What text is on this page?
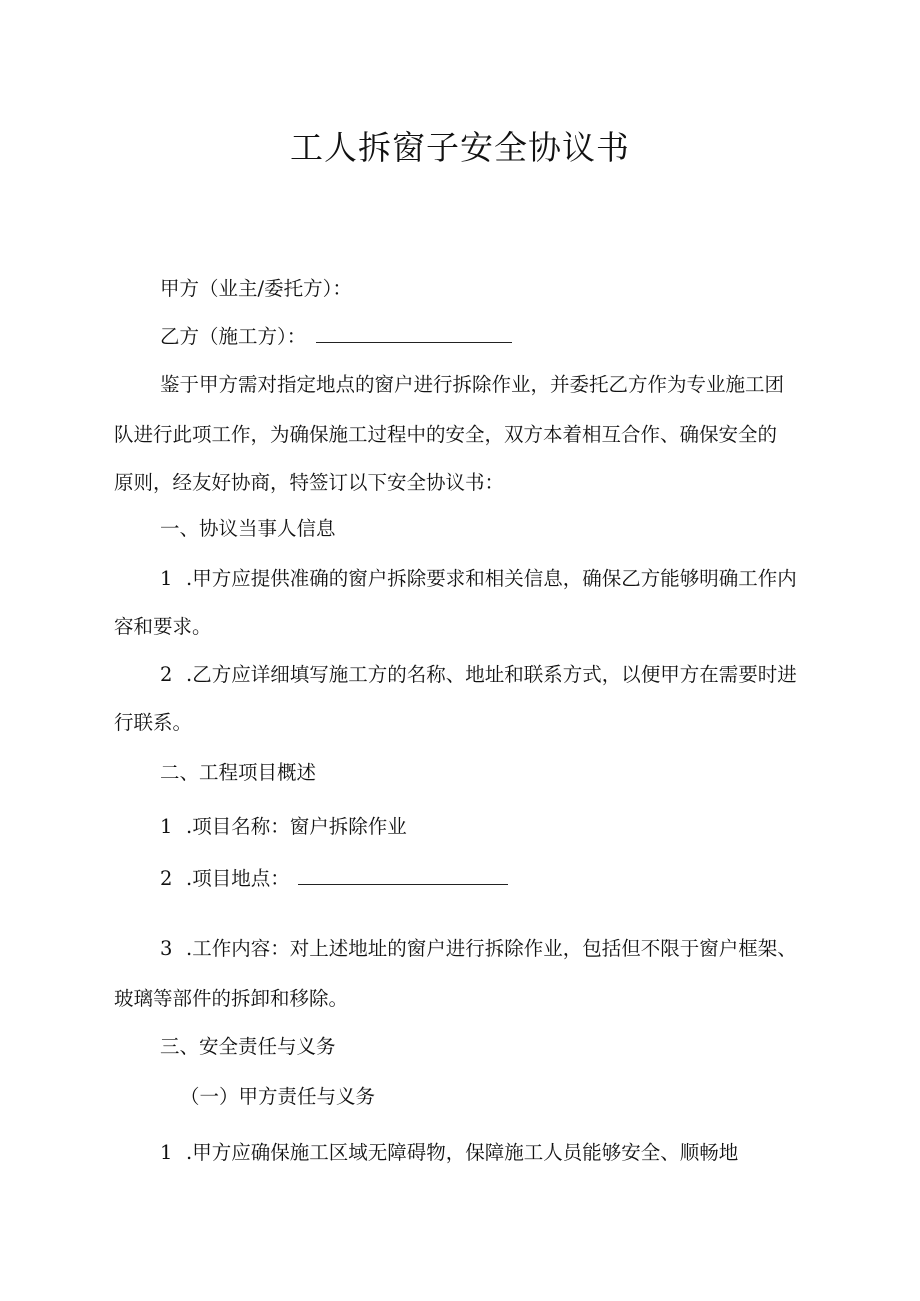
工人拆窗子安全协议书
甲方（业主/委托方）：
乙方（施工方）：
鉴于甲方需对指定地点的窗户进行拆除作业，并委托乙方作为专业施工团
队进行此项工作，为确保施工过程中的安全，双方本着相互合作、确保安全的
原则，经友好协商，特签订以下安全协议书：
一、协议当事人信息
1 .甲方应提供准确的窗户拆除要求和相关信息，确保乙方能够明确工作内
容和要求。
2 .乙方应详细填写施工方的名称、地址和联系方式，以便甲方在需要时进
行联系。
二、工程项目概述
1 .项目名称：窗户拆除作业
2 .项目地点：
3 .工作内容：对上述地址的窗户进行拆除作业，包括但不限于窗户框架、
玻璃等部件的拆卸和移除。
三、安全责任与义务
（一）甲方责任与义务
1 .甲方应确保施工区域无障碍物，保障施工人员能够安全、顺畅地
